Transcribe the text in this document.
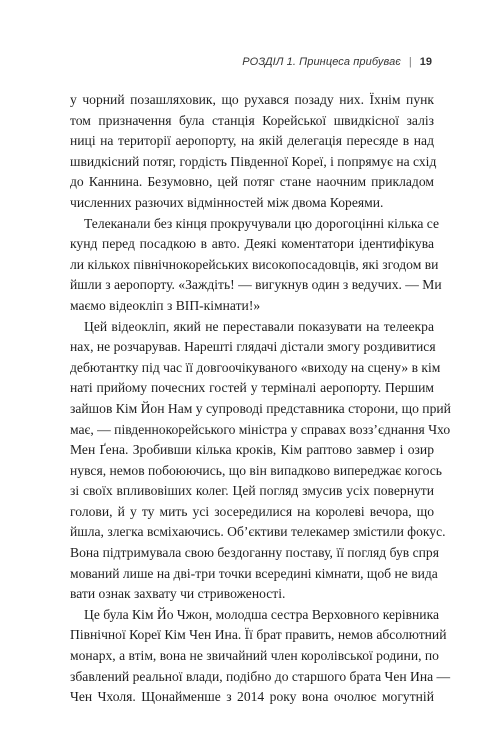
РОЗДІЛ 1. Принцеса прибуває | 19
у чорний позашляховик, що рухався позаду них. Їхнім пунк
том призначення була станція Корейської швидкісної заліз
ниці на території аеропорту, на якій делегація пересяде в над
швидкісний потяг, гордість Південної Кореї, і попрямує на схід
до Каннина. Безумовно, цей потяг стане наочним прикладом
численних разючих відмінностей між двома Кореями.
Телеканали без кінця прокручували цю дорогоцінні кілька се
кунд перед посадкою в авто. Деякі коментатори ідентифікува
ли кількох північнокорейських високопосадовців, які згодом ви
йшли з аеропорту. «Заждіть! — вигукнув один з ведучих. — Ми
маємо відеокліп з ВІП-кімнати!»
Цей відеокліп, який не переставали показувати на телеекра
нах, не розчарував. Нарешті глядачі дістали змогу роздивитися
дебютантку під час її довгоочікуваного «виходу на сцену» в кім
наті прийому почесних гостей у терміналі аеропорту. Першим
зайшов Кім Йон Нам у супроводі представника сторони, що прий
має, — південнокорейського міністра у справах возз’єднання Чхо
Мен Ґена. Зробивши кілька кроків, Кім раптово завмер і озир
нувся, немов побоюючись, що він випадково випереджає когось
зі своїх впливовіших колег. Цей погляд змусив усіх повернути
голови, й у ту мить усі зосередилися на королеві вечора, що
йшла, злегка всміхаючись. Об’єктиви телекамер змістили фокус.
Вона підтримувала свою бездоганну поставу, її погляд був спря
мований лише на дві-три точки всередині кімнати, щоб не вида
вати ознак захвату чи стривоженості.
Це була Кім Йо Чжон, молодша сестра Верховного керівника
Північної Кореї Кім Чен Ина. Її брат править, немов абсолютний
монарх, а втім, вона не звичайний член королівської родини, по
збавлений реальної влади, подібно до старшого брата Чен Ина —
Чен Чхоля. Щонайменше з 2014 року вона очолює могутній
